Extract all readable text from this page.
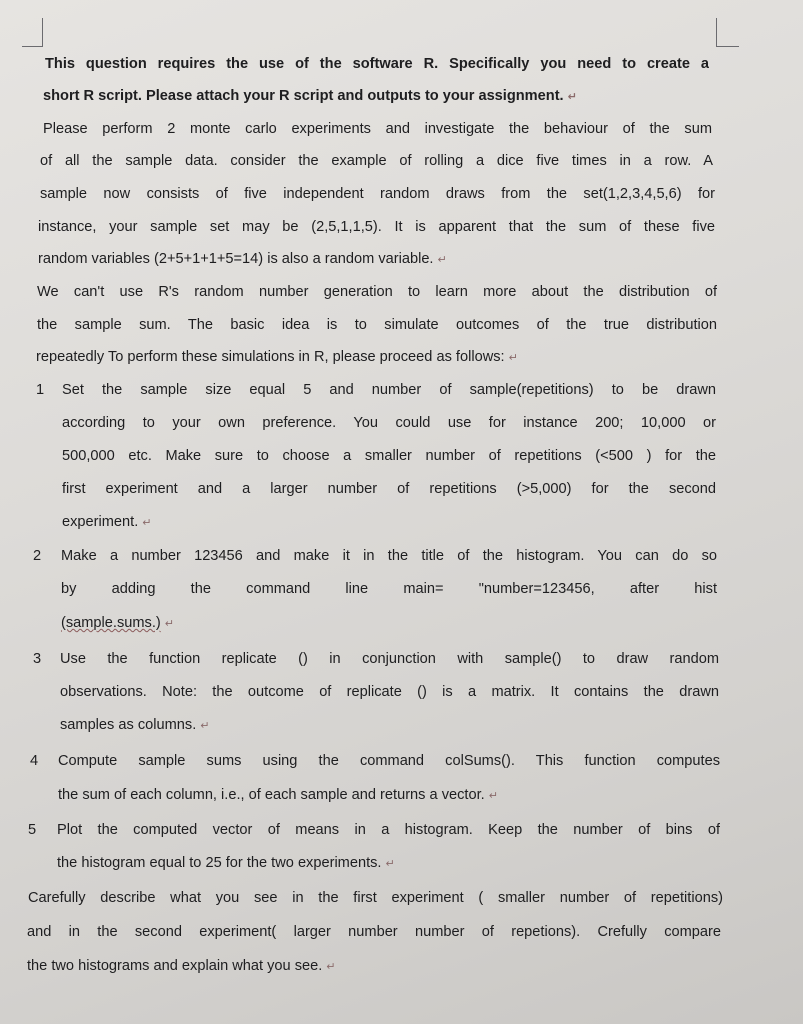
This question requires the use of the software R. Specifically you need to create a
short R script. Please attach your R script and outputs to your assignment. ↵
Please perform 2 monte carlo experiments and investigate the behaviour of the sum
of all the sample data. consider the example of rolling a dice five times in a row. A
sample now consists of five independent random draws from the set(1,2,3,4,5,6) for
instance, your sample set may be (2,5,1,1,5). It is apparent that the sum of these five
random variables (2+5+1+1+5=14) is also a random variable. ↵
We can't use R's random number generation to learn more about the distribution of
the sample sum. The basic idea is to simulate outcomes of the true distribution
repeatedly To perform these simulations in R, please proceed as follows: ↵
1 Set the sample size equal 5 and number of sample(repetitions) to be drawn
according to your own preference. You could use for instance 200; 10,000 or
500,000 etc. Make sure to choose a smaller number of repetitions (<500 ) for the
first experiment and a larger number of repetitions (>5,000) for the second
experiment. ↵
2 Make a number 123456 and make it in the title of the histogram. You can do so
by adding the command line main= "number=123456, after hist
(sample.sums.) ↵
3 Use the function replicate () in conjunction with sample() to draw random
observations. Note: the outcome of replicate () is a matrix. It contains the drawn
samples as columns. ↵
4 Compute sample sums using the command colSums(). This function computes
the sum of each column, i.e., of each sample and returns a vector. ↵
5 Plot the computed vector of means in a histogram. Keep the number of bins of
the histogram equal to 25 for the two experiments. ↵
Carefully describe what you see in the first experiment ( smaller number of repetitions)
and in the second experiment( larger number number of repetions). Crefully compare
the two histograms and explain what you see. ↵
